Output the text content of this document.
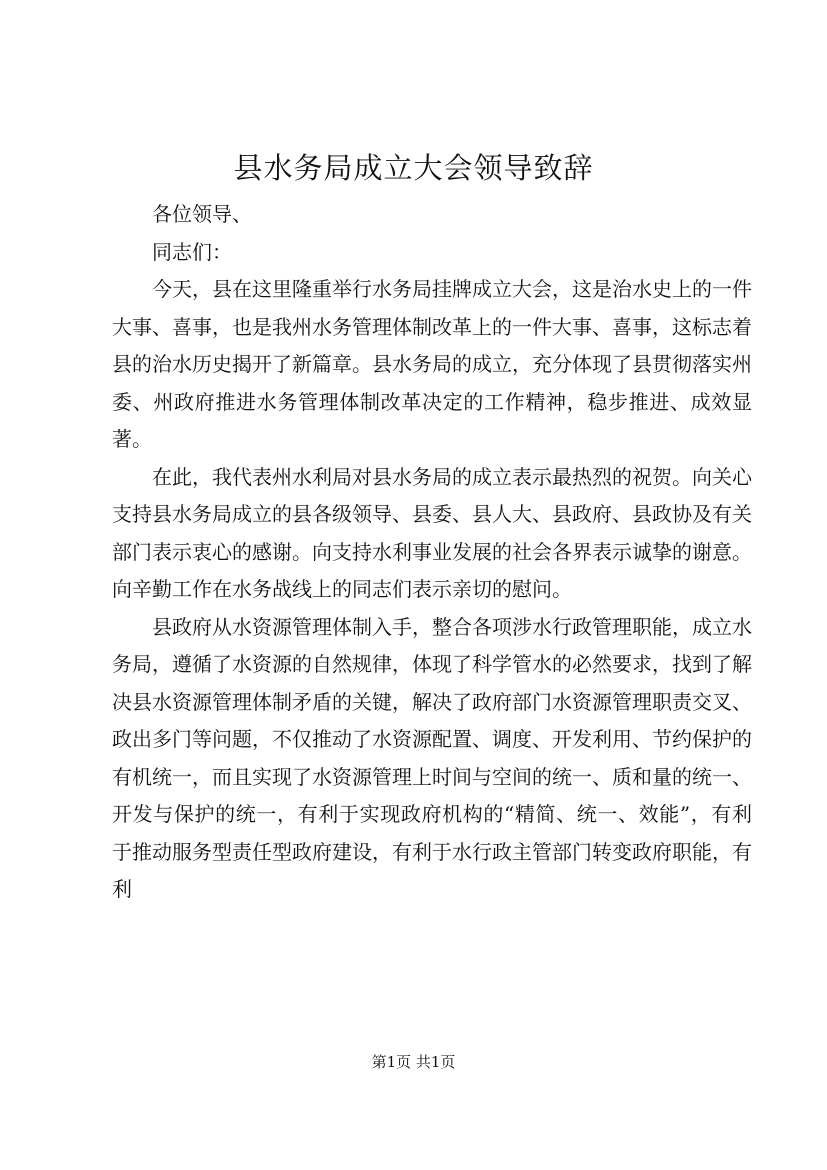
县水务局成立大会领导致辞

各位领导、

同志们：

今天，县在这里隆重举行水务局挂牌成立大会，这是治水史上的一件大事、喜事，也是我州水务管理体制改革上的一件大事、喜事，这标志着县的治水历史揭开了新篇章。县水务局的成立，充分体现了县贯彻落实州委、州政府推进水务管理体制改革决定的工作精神，稳步推进、成效显著。

在此，我代表州水利局对县水务局的成立表示最热烈的祝贺。向关心支持县水务局成立的县各级领导、县委、县人大、县政府、县政协及有关部门表示衷心的感谢。向支持水利事业发展的社会各界表示诚挚的谢意。向辛勤工作在水务战线上的同志们表示亲切的慰问。

县政府从水资源管理体制入手，整合各项涉水行政管理职能，成立水务局，遵循了水资源的自然规律，体现了科学管水的必然要求，找到了解决县水资源管理体制矛盾的关键，解决了政府部门水资源管理职责交叉、政出多门等问题，不仅推动了水资源配置、调度、开发利用、节约保护的有机统一，而且实现了水资源管理上时间与空间的统一、质和量的统一、开发与保护的统一，有利于实现政府机构的“精简、统一、效能”，有利于推动服务型责任型政府建设，有利于水行政主管部门转变政府职能，有利

第1页 共1页
